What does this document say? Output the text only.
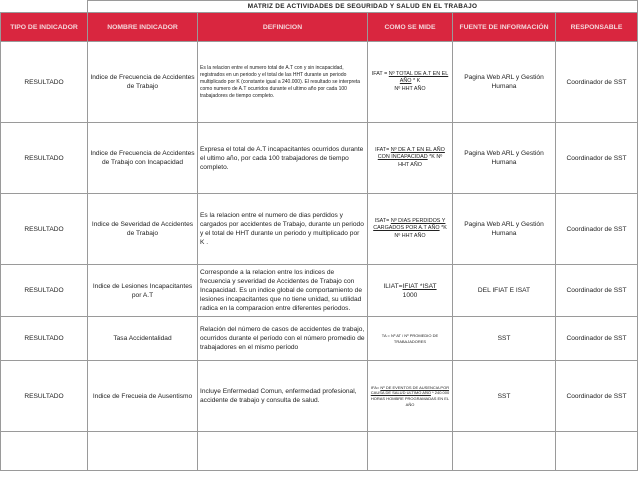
	MATRIZ DE ACTIVIDADES DE SEGURIDAD Y SALUD EN EL TRABAJO				
TIPO DE INDICADOR	NOMBRE INDICADOR	DEFINICION	COMO SE MIDE	FUENTE DE INFORMACIÓN	RESPONSABLE
RESULTADO	Indice de Frecuencia de Accidentes de Trabajo	Es la relacion entre el numero total de A.T con y sin incapacidad, registrados en un periodo y el total de las HHT durante un periodo multiplicado por K (constante igual a 240.000). El resultado se interpreta como numero de A.T ocurridos durante el ultimo año por cada 100 trabajadores de tiempo completo.	IFAT = Nº TOTAL DE A.T EN EL AÑO * K
Nº HHT AÑO	Pagina Web ARL y Gestión Humana	Coordinador de SST
RESULTADO	Indice de Frecuencia de Accidentes de Trabajo con Incapacidad	Expresa el total de A.T incapacitantes ocurridos durante el ultimo año, por cada 100 trabajadores de tiempo completo.	IFAT= Nº DE A.T EN EL AÑO CON INCAPACIDAD *K Nº
HHT AÑO	Pagina Web ARL y Gestión Humana	Coordinador de SST
RESULTADO	Indice de Severidad de Accidentes de Trabajo	Es la relacion entre el numero de dias perdidos y cargados por accidentes de Trabajo, durante un periodo y el total de HHT durante un periodo y multiplicado por K .	ISAT= Nº DIAS PERDIDOS Y CARGADOS POR A.T AÑO *K
Nº HHT AÑO	Pagina Web ARL y Gestión Humana	Coordinador de SST
RESULTADO	Indice de Lesiones Incapacitantes por A.T	Corresponde a la relacion entre los indices de frecuencia y severidad de Accidentes de Trabajo con Incapacidad. Es un indice global de comportamiento de lesiones incapacitantes que no tiene unidad, su utilidad radica en la comparacion entre diferentes periodos.	ILIAT=IFIAT *ISAT
1000	DEL IFIAT E ISAT	Coordinador de SST
RESULTADO	Tasa Accidentalidad	Relación del número de casos de accidentes de trabajo, ocurridos durante el período con el número promedio de trabajadores en el mismo período	TA = Nº AT / Nº PROMEDIO DE TRABAJADORES	SST	Coordinador de SST
RESULTADO	Indice de Frecueia de Ausentismo	Incluye Enfermedad Comun, enfermedad profesional, accidente de trabajo y consulta de salud.	IFA= Nº DE EVENTOS DE AUSENCIA POR CAUSA DE SALUD ULTIMO AÑO * 240.000
HORAS HOMBRE PROGRAMADAS EN EL AÑO	SST	Coordinador de SST
